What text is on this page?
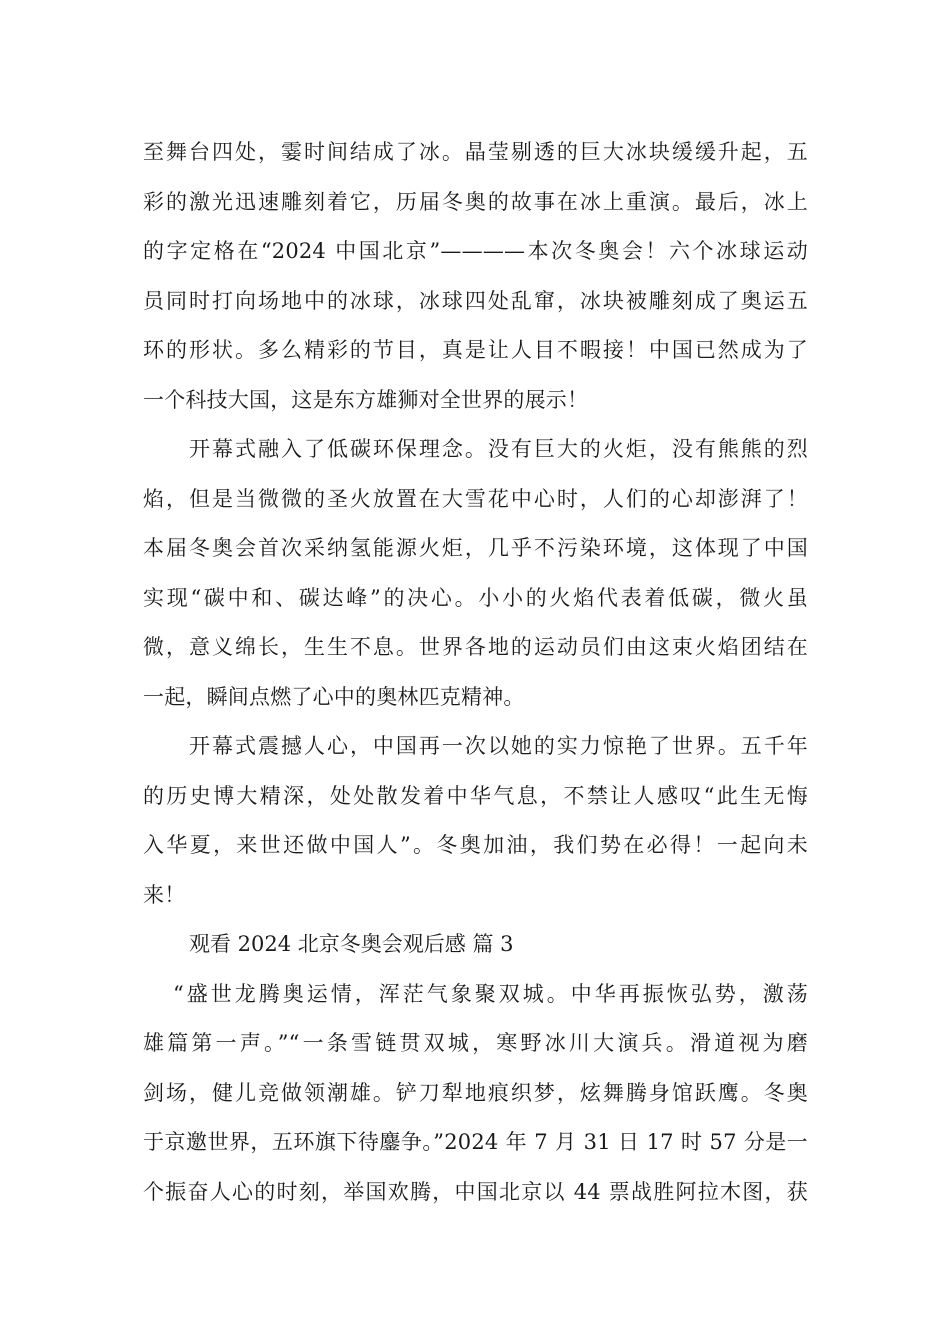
至舞台四处，霎时间结成了冰。晶莹剔透的巨大冰块缓缓升起，五
彩的激光迅速雕刻着它，历届冬奥的故事在冰上重演。最后，冰上
的字定格在“2024 中国北京”————本次冬奥会！六个冰球运动
员同时打向场地中的冰球，冰球四处乱窜，冰块被雕刻成了奥运五
环的形状。多么精彩的节目，真是让人目不暇接！中国已然成为了
一个科技大国，这是东方雄狮对全世界的展示！
开幕式融入了低碳环保理念。没有巨大的火炬，没有熊熊的烈
焰，但是当微微的圣火放置在大雪花中心时，人们的心却澎湃了！
本届冬奥会首次采纳氢能源火炬，几乎不污染环境，这体现了中国
实现“碳中和、碳达峰”的决心。小小的火焰代表着低碳，微火虽
微，意义绵长，生生不息。世界各地的运动员们由这束火焰团结在
一起，瞬间点燃了心中的奥林匹克精神。
开幕式震撼人心，中国再一次以她的实力惊艳了世界。五千年
的历史博大精深，处处散发着中华气息，不禁让人感叹“此生无悔
入华夏，来世还做中国人”。冬奥加油，我们势在必得！一起向未
来！
观看 2024 北京冬奥会观后感 篇 3
“盛世龙腾奥运情，浑茫气象聚双城。中华再振恢弘势，激荡
雄篇第一声。”“一条雪链贯双城，寒野冰川大演兵。滑道视为磨
剑场，健儿竞做领潮雄。铲刀犁地痕织梦，炫舞腾身馆跃鹰。冬奥
于京邀世界，五环旗下待鏖争。”2024 年 7 月 31 日 17 时 57 分是一
个振奋人心的时刻，举国欢腾，中国北京以 44 票战胜阿拉木图，获
